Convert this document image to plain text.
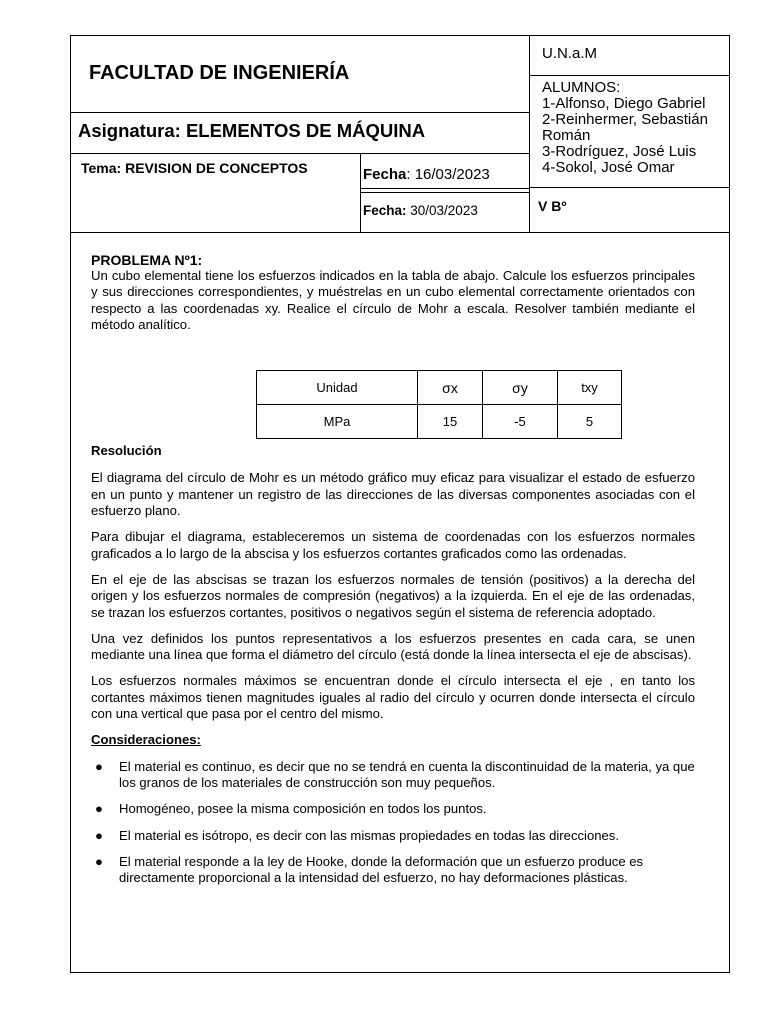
FACULTAD DE INGENIERÍA
Asignatura: ELEMENTOS DE MÁQUINA
Tema: REVISION DE CONCEPTOS	Fecha: 16/03/2023
Fecha: 30/03/2023
U.N.a.M
ALUMNOS:
1-Alfonso, Diego Gabriel
2-Reinhermer, Sebastián
Román
3-Rodríguez, José Luis
4-Sokol, José Omar
V Bº
Unidad	σx	σy	txy
MPa	15	-5	5
PROBLEMA Nº1:

Un cubo elemental tiene los esfuerzos indicados en la tabla de abajo. Calcule los esfuerzos principales y sus direcciones correspondientes, y muéstrelas en un cubo elemental correctamente orientados con respecto a las coordenadas xy. Realice el círculo de Mohr a escala. Resolver también mediante el método analítico.

Resolución

El diagrama del círculo de Mohr es un método gráfico muy eficaz para visualizar el estado de esfuerzo en un punto y mantener un registro de las direcciones de las diversas componentes asociadas con el esfuerzo plano.

Para dibujar el diagrama, estableceremos un sistema de coordenadas con los esfuerzos normales graficados a lo largo de la abscisa y los esfuerzos cortantes graficados como las ordenadas.

En el eje de las abscisas se trazan los esfuerzos normales de tensión (positivos) a la derecha del origen y los esfuerzos normales de compresión (negativos) a la izquierda. En el eje de las ordenadas, se trazan los esfuerzos cortantes, positivos o negativos según el sistema de referencia adoptado.

Una vez definidos los puntos representativos a los esfuerzos presentes en cada cara, se unen mediante una línea que forma el diámetro del círculo (está donde la línea intersecta el eje de abscisas).

Los esfuerzos normales máximos se encuentran donde el círculo intersecta el eje , en tanto los cortantes máximos tienen magnitudes iguales al radio del círculo y ocurren donde intersecta el círculo con una vertical que pasa por el centro del mismo.

Consideraciones:

● El material es continuo, es decir que no se tendrá en cuenta la discontinuidad de la materia, ya que los granos de los materiales de construcción son muy pequeños.
● Homogéneo, posee la misma composición en todos los puntos.
● El material es isótropo, es decir con las mismas propiedades en todas las direcciones.
● El material responde a la ley de Hooke, donde la deformación que un esfuerzo produce es directamente proporcional a la intensidad del esfuerzo, no hay deformaciones plásticas.
